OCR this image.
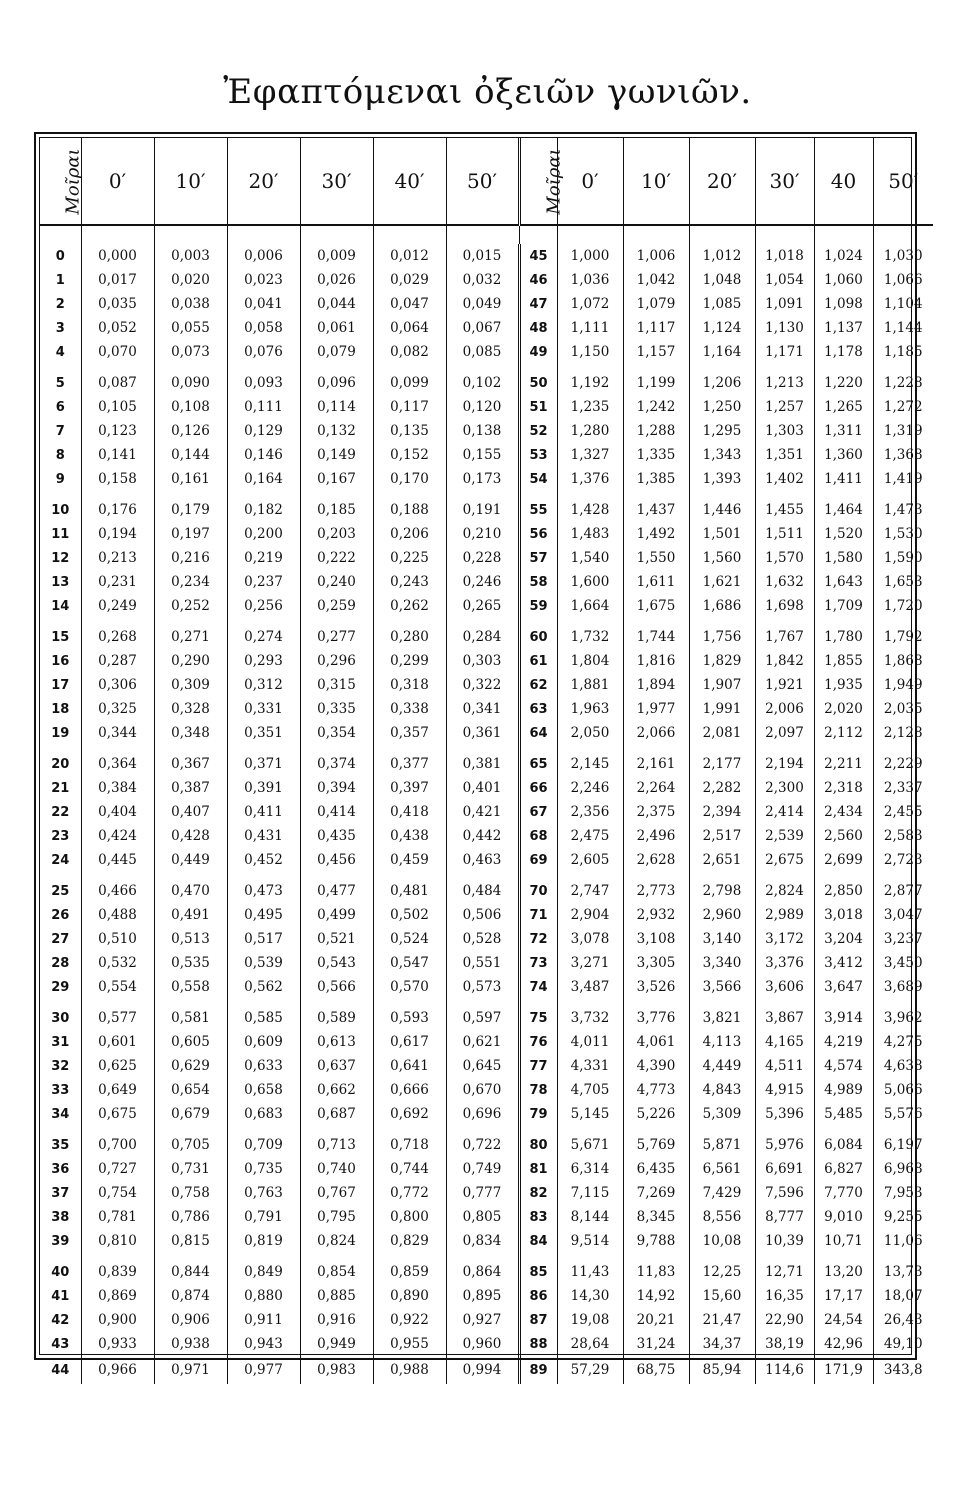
Ἐφαπτόμεναι ὀξειῶν γωνιῶν.
Μοῖραι	0′	10′	20′	30′	40′	50′	Μοῖραι	0′	10′	20′	30′	40	50′

0	0,000	0,003	0,006	0,009	0,012	0,015	45	1,000	1,006	1,012	1,018	1,024	1,030
1	0,017	0,020	0,023	0,026	0,029	0,032	46	1,036	1,042	1,048	1,054	1,060	1,066
2	0,035	0,038	0,041	0,044	0,047	0,049	47	1,072	1,079	1,085	1,091	1,098	1,104
3	0,052	0,055	0,058	0,061	0,064	0,067	48	1,111	1,117	1,124	1,130	1,137	1,144
4	0,070	0,073	0,076	0,079	0,082	0,085	49	1,150	1,157	1,164	1,171	1,178	1,185
5	0,087	0,090	0,093	0,096	0,099	0,102	50	1,192	1,199	1,206	1,213	1,220	1,228
6	0,105	0,108	0,111	0,114	0,117	0,120	51	1,235	1,242	1,250	1,257	1,265	1,272
7	0,123	0,126	0,129	0,132	0,135	0,138	52	1,280	1,288	1,295	1,303	1,311	1,319
8	0,141	0,144	0,146	0,149	0,152	0,155	53	1,327	1,335	1,343	1,351	1,360	1,368
9	0,158	0,161	0,164	0,167	0,170	0,173	54	1,376	1,385	1,393	1,402	1,411	1,419
10	0,176	0,179	0,182	0,185	0,188	0,191	55	1,428	1,437	1,446	1,455	1,464	1,473
11	0,194	0,197	0,200	0,203	0,206	0,210	56	1,483	1,492	1,501	1,511	1,520	1,530
12	0,213	0,216	0,219	0,222	0,225	0,228	57	1,540	1,550	1,560	1,570	1,580	1,590
13	0,231	0,234	0,237	0,240	0,243	0,246	58	1,600	1,611	1,621	1,632	1,643	1,653
14	0,249	0,252	0,256	0,259	0,262	0,265	59	1,664	1,675	1,686	1,698	1,709	1,720
15	0,268	0,271	0,274	0,277	0,280	0,284	60	1,732	1,744	1,756	1,767	1,780	1,792
16	0,287	0,290	0,293	0,296	0,299	0,303	61	1,804	1,816	1,829	1,842	1,855	1,868
17	0,306	0,309	0,312	0,315	0,318	0,322	62	1,881	1,894	1,907	1,921	1,935	1,949
18	0,325	0,328	0,331	0,335	0,338	0,341	63	1,963	1,977	1,991	2,006	2,020	2,035
19	0,344	0,348	0,351	0,354	0,357	0,361	64	2,050	2,066	2,081	2,097	2,112	2,128
20	0,364	0,367	0,371	0,374	0,377	0,381	65	2,145	2,161	2,177	2,194	2,211	2,229
21	0,384	0,387	0,391	0,394	0,397	0,401	66	2,246	2,264	2,282	2,300	2,318	2,337
22	0,404	0,407	0,411	0,414	0,418	0,421	67	2,356	2,375	2,394	2,414	2,434	2,455
23	0,424	0,428	0,431	0,435	0,438	0,442	68	2,475	2,496	2,517	2,539	2,560	2,583
24	0,445	0,449	0,452	0,456	0,459	0,463	69	2,605	2,628	2,651	2,675	2,699	2,723
25	0,466	0,470	0,473	0,477	0,481	0,484	70	2,747	2,773	2,798	2,824	2,850	2,877
26	0,488	0,491	0,495	0,499	0,502	0,506	71	2,904	2,932	2,960	2,989	3,018	3,047
27	0,510	0,513	0,517	0,521	0,524	0,528	72	3,078	3,108	3,140	3,172	3,204	3,237
28	0,532	0,535	0,539	0,543	0,547	0,551	73	3,271	3,305	3,340	3,376	3,412	3,450
29	0,554	0,558	0,562	0,566	0,570	0,573	74	3,487	3,526	3,566	3,606	3,647	3,689
30	0,577	0,581	0,585	0,589	0,593	0,597	75	3,732	3,776	3,821	3,867	3,914	3,962
31	0,601	0,605	0,609	0,613	0,617	0,621	76	4,011	4,061	4,113	4,165	4,219	4,275
32	0,625	0,629	0,633	0,637	0,641	0,645	77	4,331	4,390	4,449	4,511	4,574	4,638
33	0,649	0,654	0,658	0,662	0,666	0,670	78	4,705	4,773	4,843	4,915	4,989	5,066
34	0,675	0,679	0,683	0,687	0,692	0,696	79	5,145	5,226	5,309	5,396	5,485	5,576
35	0,700	0,705	0,709	0,713	0,718	0,722	80	5,671	5,769	5,871	5,976	6,084	6,197
36	0,727	0,731	0,735	0,740	0,744	0,749	81	6,314	6,435	6,561	6,691	6,827	6,968
37	0,754	0,758	0,763	0,767	0,772	0,777	82	7,115	7,269	7,429	7,596	7,770	7,953
38	0,781	0,786	0,791	0,795	0,800	0,805	83	8,144	8,345	8,556	8,777	9,010	9,255
39	0,810	0,815	0,819	0,824	0,829	0,834	84	9,514	9,788	10,08	10,39	10,71	11,06
40	0,839	0,844	0,849	0,854	0,859	0,864	85	11,43	11,83	12,25	12,71	13,20	13,73
41	0,869	0,874	0,880	0,885	0,890	0,895	86	14,30	14,92	15,60	16,35	17,17	18,07
42	0,900	0,906	0,911	0,916	0,922	0,927	87	19,08	20,21	21,47	22,90	24,54	26,43
43	0,933	0,938	0,943	0,949	0,955	0,960	88	28,64	31,24	34,37	38,19	42,96	49,10
44	0,966	0,971	0,977	0,983	0,988	0,994	89	57,29	68,75	85,94	114,6	171,9	343,8
